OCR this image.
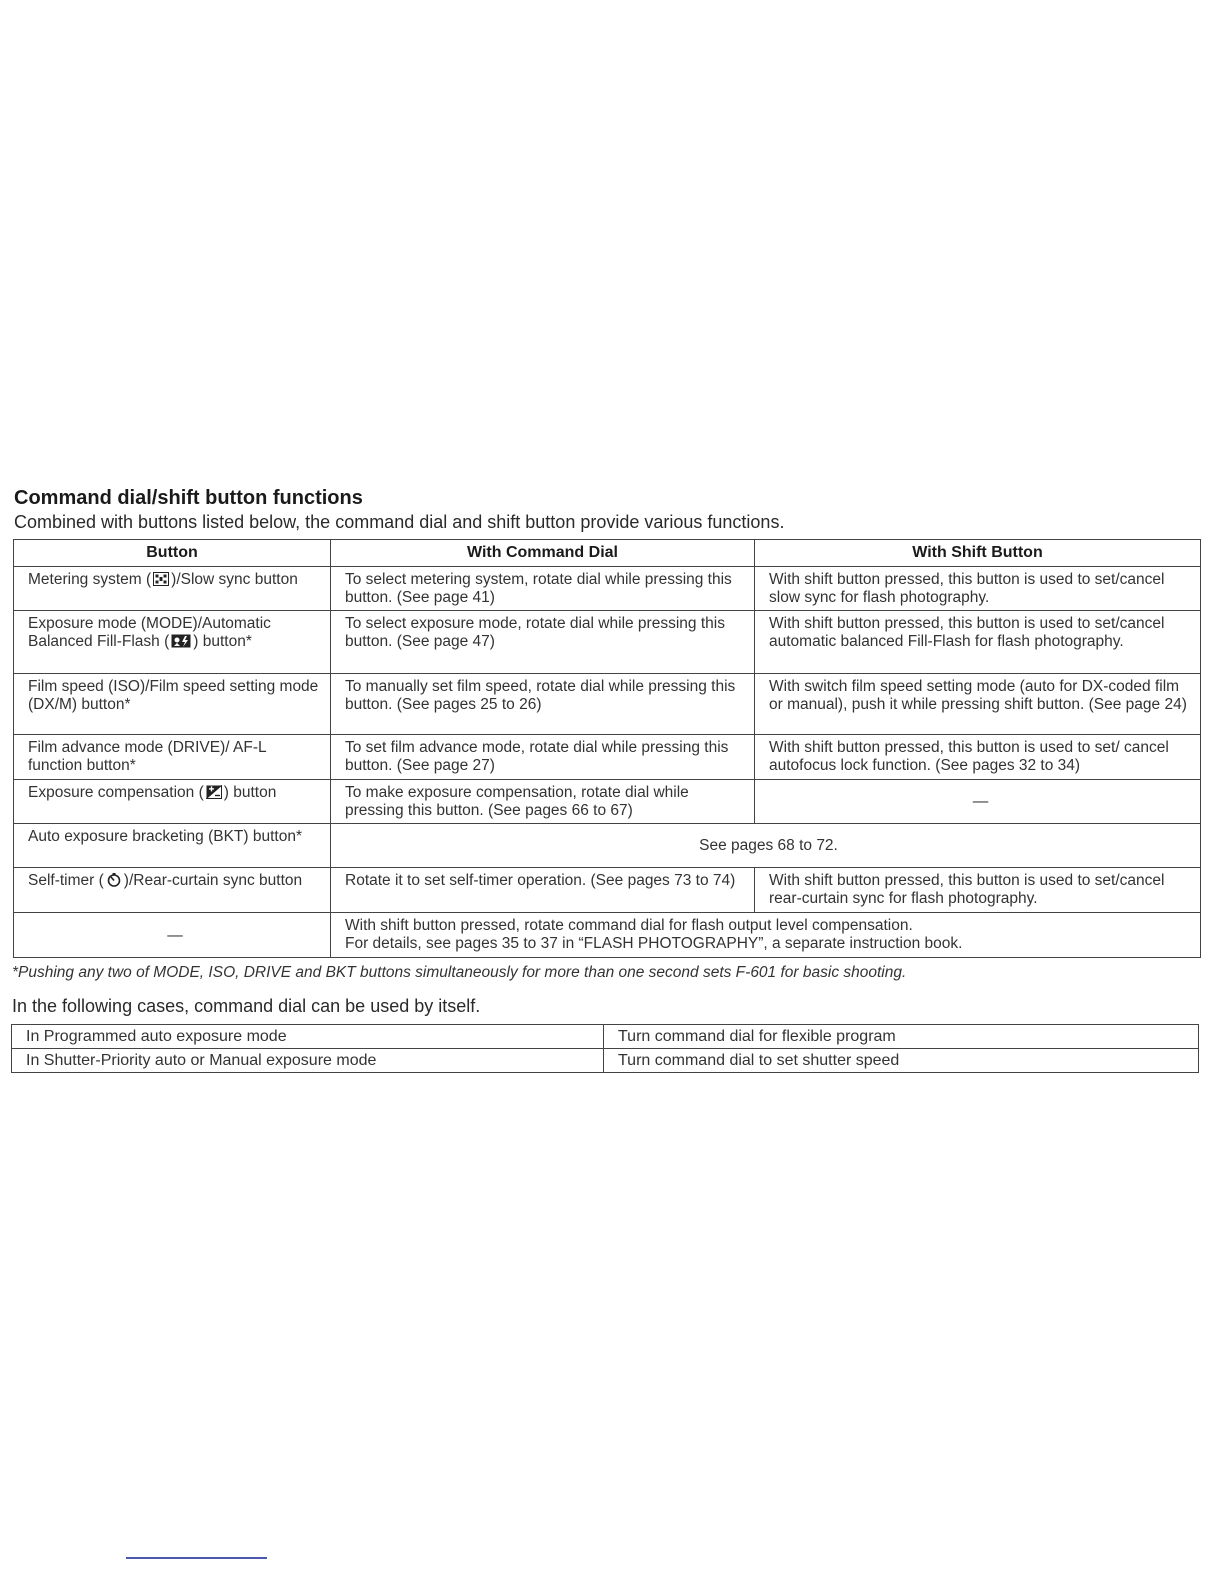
Command dial/shift button functions
Combined with buttons listed below, the command dial and shift button provide various functions.
Button	With Command Dial	With Shift Button
Metering system ( )/Slow sync button	To select metering system, rotate dial while pressing this button. (See page 41)	With shift button pressed, this button is used to set/cancel slow sync for flash photography.
Exposure mode (MODE)/Automatic Balanced Fill-Flash ( ) button*	To select exposure mode, rotate dial while pressing this button. (See page 47)	With shift button pressed, this button is used to set/cancel automatic balanced Fill-Flash for flash photography.
Film speed (ISO)/Film speed setting mode (DX/M) button*	To manually set film speed, rotate dial while pressing this button. (See pages 25 to 26)	With switch film speed setting mode (auto for DX-coded film or manual), push it while pressing shift button. (See page 24)
Film advance mode (DRIVE)/ AF-L function button*	To set film advance mode, rotate dial while pressing this button. (See page 27)	With shift button pressed, this button is used to set/ cancel autofocus lock function. (See pages 32 to 34)
Exposure compensation ( ) button	To make exposure compensation, rotate dial while pressing this button. (See pages 66 to 67)	—
Auto exposure bracketing (BKT) button*	See pages 68 to 72.	
Self-timer ( )/Rear-curtain sync button	Rotate it to set self-timer operation. (See pages 73 to 74)	With shift button pressed, this button is used to set/cancel rear-curtain sync for flash photography.
—	With shift button pressed, rotate command dial for flash output level compensation.
For details, see pages 35 to 37 in “FLASH PHOTOGRAPHY”, a separate instruction book.	
*Pushing any two of MODE, ISO, DRIVE and BKT buttons simultaneously for more than one second sets F-601 for basic shooting.
In the following cases, command dial can be used by itself.
In Programmed auto exposure mode	Turn command dial for flexible program
In Shutter-Priority auto or Manual exposure mode	Turn command dial to set shutter speed
